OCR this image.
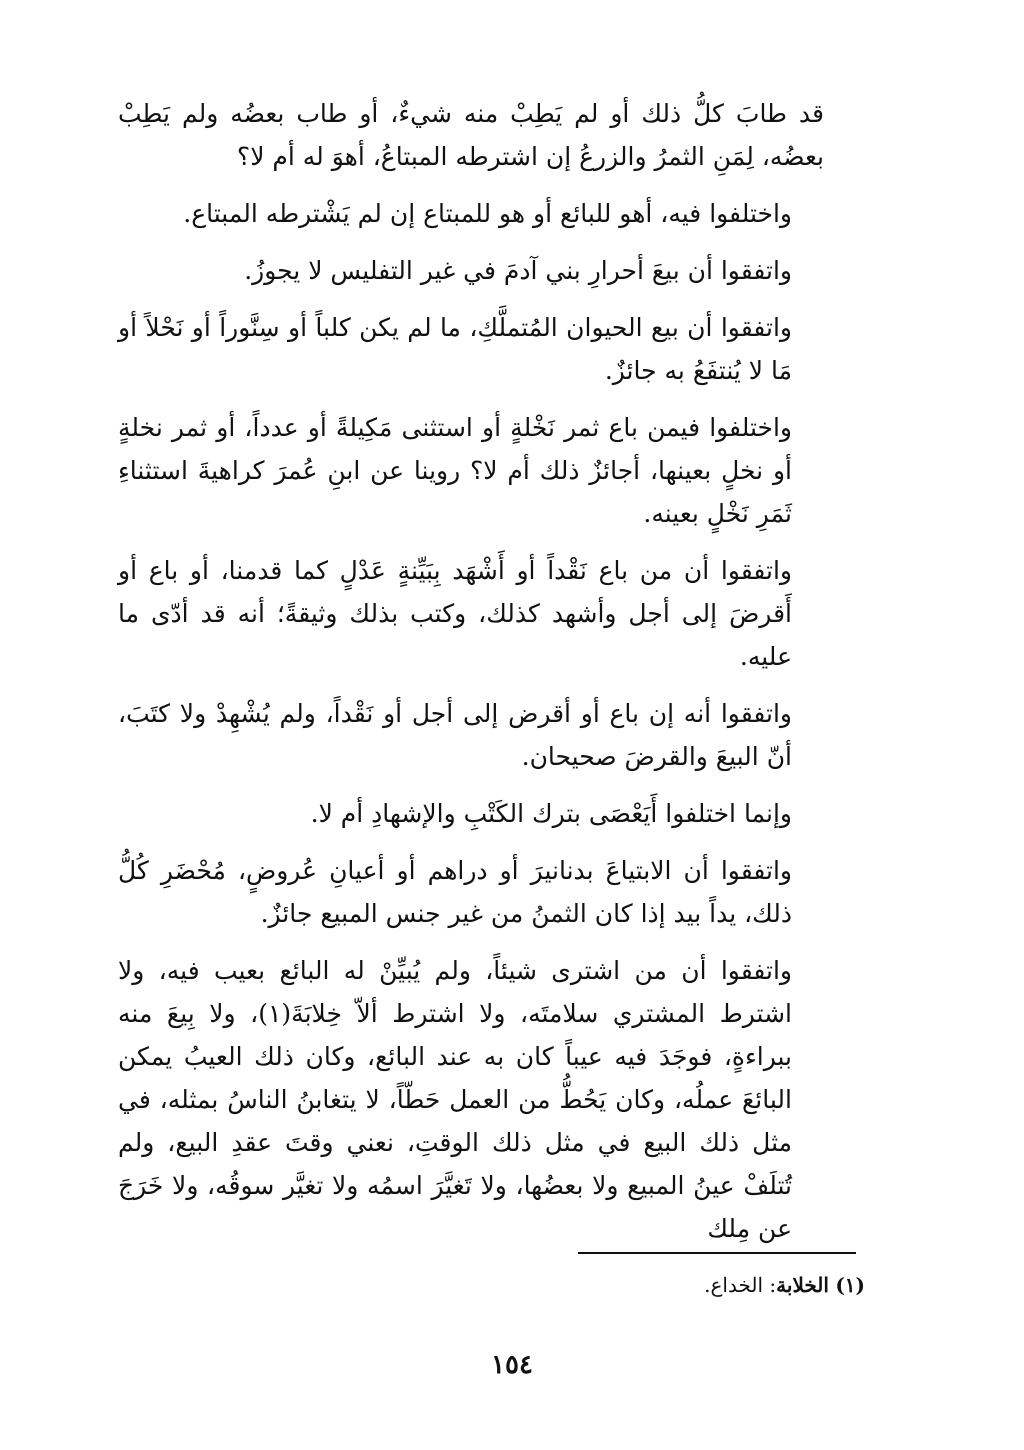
قد طابَ كلُّ ذلك أو لم يَطِبْ منه شيءٌ، أو طاب بعضُه ولم يَطِبْ بعضُه، لِمَنِ الثمرُ والزرعُ إن اشترطه المبتاعُ، أهوَ له أم لا؟

واختلفوا فيه، أهو للبائع أو هو للمبتاع إن لم يَشْترطه المبتاع.

واتفقوا أن بيعَ أحرارِ بني آدمَ في غير التفليس لا يجوزُ.

واتفقوا أن بيع الحيوان المُتملَّكِ، ما لم يكن كلباً أو سِنَّوراً أو نَحْلاً أو مَا لا يُنتفَعُ به جائزٌ.

واختلفوا فيمن باع ثمر نَخْلةٍ أو استثنى مَكِيلةً أو عدداً، أو ثمر نخلةٍ أو نخلٍ بعينها، أجائزٌ ذلك أم لا؟ روينا عن ابنِ عُمرَ كراهيةَ استثناءِ ثَمَرِ نَخْلٍ بعينه.

واتفقوا أن من باع نَقْداً أو أَشْهَد بِبَيِّنةٍ عَدْلٍ كما قدمنا، أو باع أو أَقرضَ إلى أجل وأشهد كذلك، وكتب بذلك وثيقةً؛ أنه قد أدّى ما عليه.

واتفقوا أنه إن باع أو أقرض إلى أجل أو نَقْداً، ولم يُشْهِدْ ولا كتَبَ، أنّ البيعَ والقرضَ صحيحان.

وإنما اختلفوا أَيَعْصَى بترك الكَتْبِ والإشهادِ أم لا.

واتفقوا أن الابتياعَ بدنانيرَ أو دراهم أو أعيانِ عُروضٍ، مُحْضَرِ كُلُّ ذلك، يداً بيد إذا كان الثمنُ من غير جنس المبيع جائزٌ.

واتفقوا أن من اشترى شيئاً، ولم يُبيِّنْ له البائع بعيب فيه، ولا اشترط المشتري سلامتَه، ولا اشترط ألاّ خِلابَةَ(١)، ولا بِيعَ منه ببراءةٍ، فوجَدَ فيه عيباً كان به عند البائع، وكان ذلك العيبُ يمكن البائعَ عملُه، وكان يَحُطُّ من العمل حَطّاً، لا يتغابنُ الناسُ بمثله، في مثل ذلك البيع في مثل ذلك الوقتِ، نعني وقتَ عقدِ البيع، ولم تُتلَفْ عينُ المبيع ولا بعضُها، ولا تَغيَّرَ اسمُه ولا تغيَّر سوقُه، ولا خَرَجَ عن مِلك

(١) الخلابة: الخداع.
١٥٤
